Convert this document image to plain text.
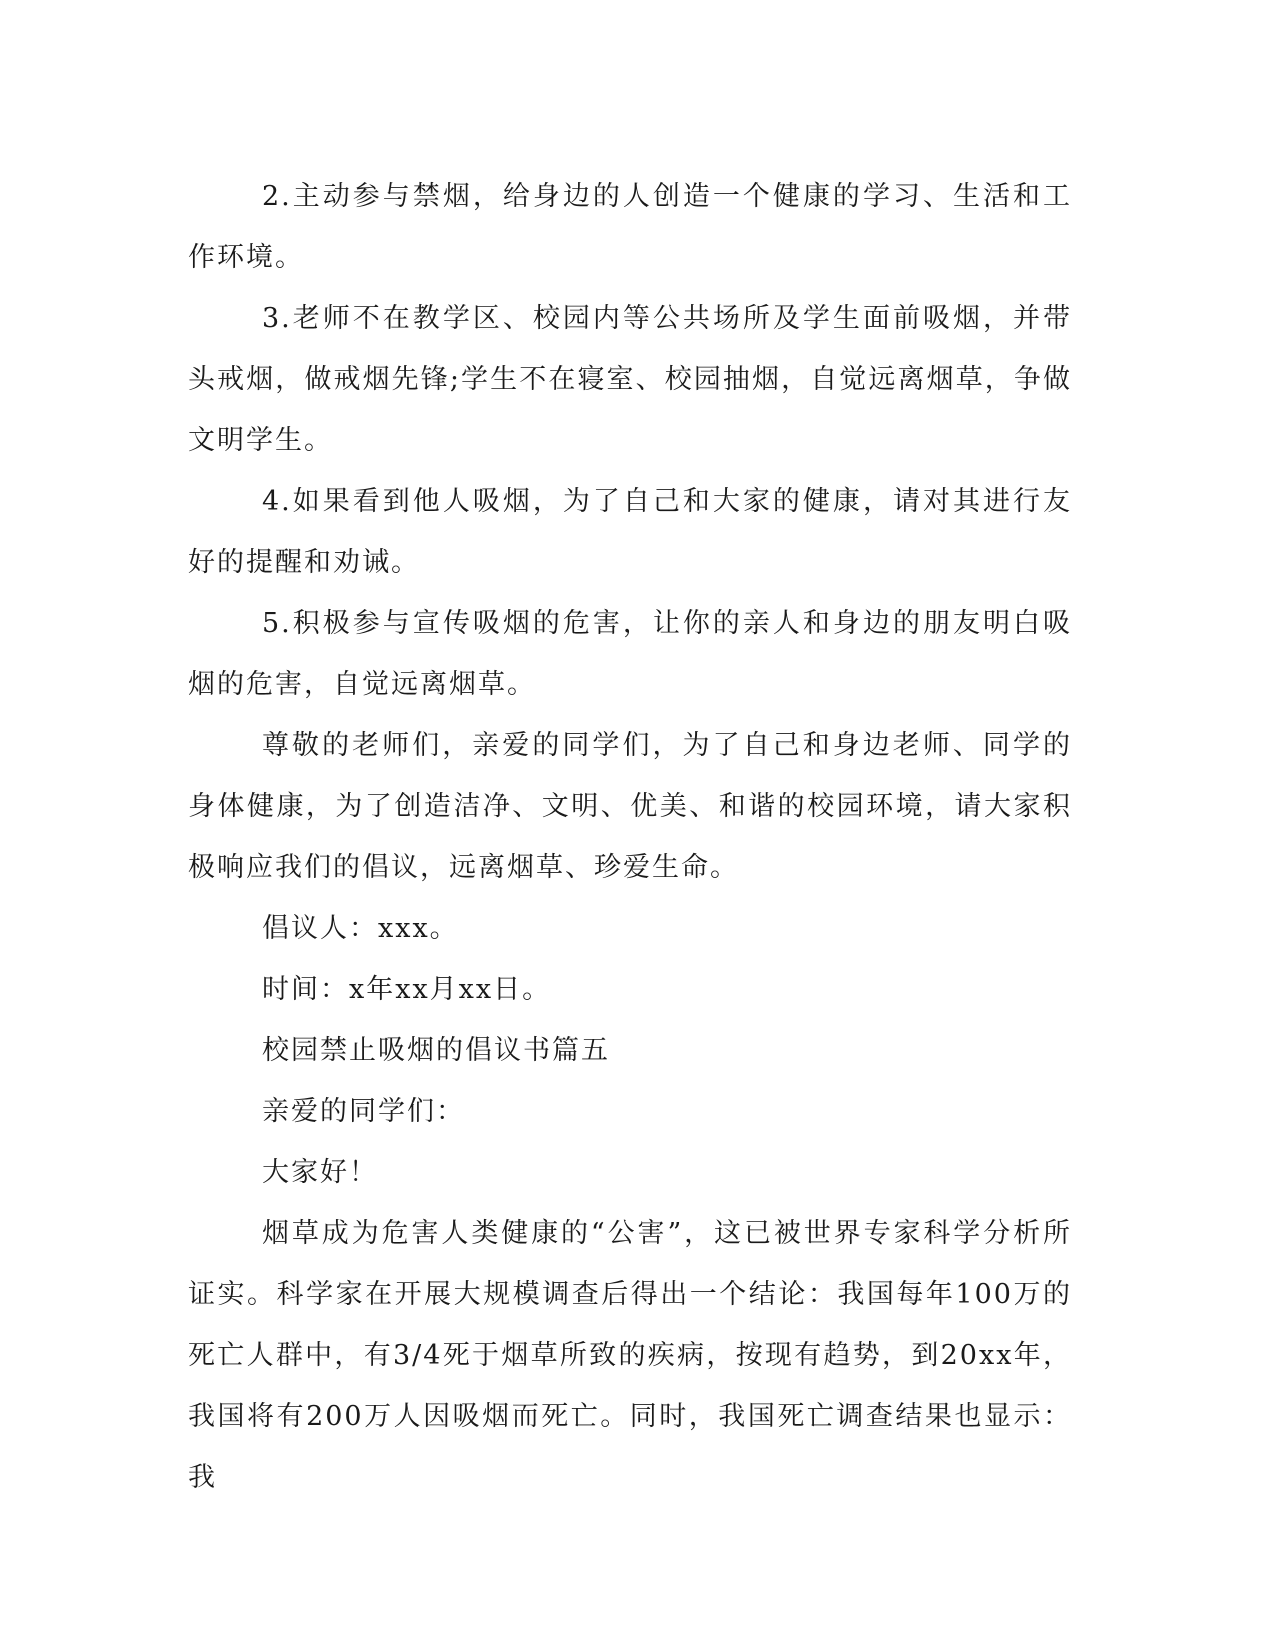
2.主动参与禁烟，给身边的人创造一个健康的学习、生活和工作环境。

3.老师不在教学区、校园内等公共场所及学生面前吸烟，并带头戒烟，做戒烟先锋;学生不在寝室、校园抽烟，自觉远离烟草，争做文明学生。

4.如果看到他人吸烟，为了自己和大家的健康，请对其进行友好的提醒和劝诫。

5.积极参与宣传吸烟的危害，让你的亲人和身边的朋友明白吸烟的危害，自觉远离烟草。

尊敬的老师们，亲爱的同学们，为了自己和身边老师、同学的身体健康，为了创造洁净、文明、优美、和谐的校园环境，请大家积极响应我们的倡议，远离烟草、珍爱生命。

倡议人：xxx。

时间：x年xx月xx日。

校园禁止吸烟的倡议书篇五

亲爱的同学们：

大家好！

烟草成为危害人类健康的“公害”，这已被世界专家科学分析所证实。科学家在开展大规模调查后得出一个结论：我国每年100万的死亡人群中，有3/4死于烟草所致的疾病，按现有趋势，到20xx年，我国将有200万人因吸烟而死亡。同时，我国死亡调查结果也显示：我
